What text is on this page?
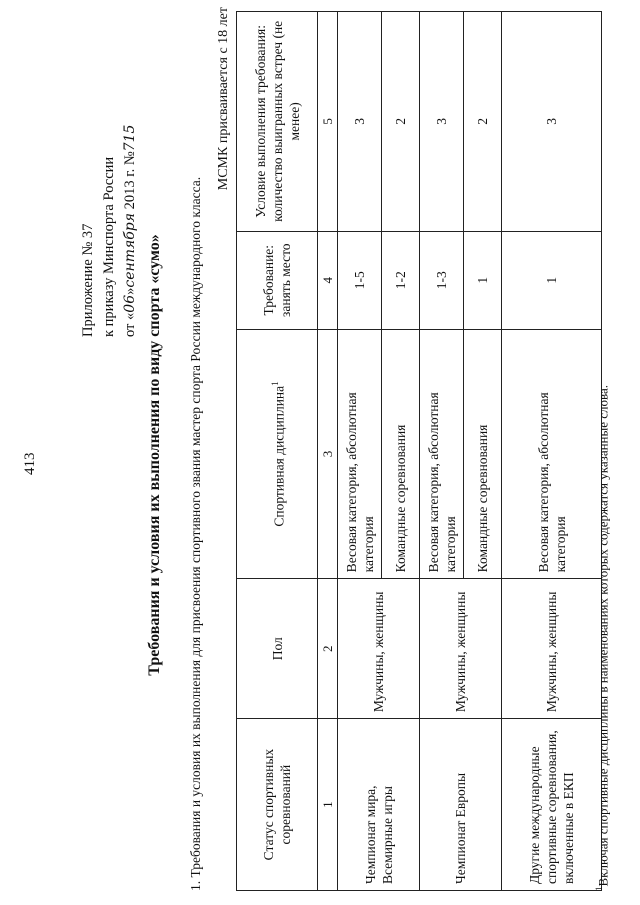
413
Приложение № 37 к приказу Минспорта России от «06»сентября 2013 г. №715
Требования и условия их выполнения по виду спорта «сумо» 1. Требования и условия их выполнения для присвоения спортивного звания мастер спорта России международного класса.
МСМК присваивается с 18 лет
Статус спортивных соревнований	Пол	Спортивная дисциплина$^1$	Требование: занять место	Условие выполнения требования: количество выигранных встреч (не менее)
1	2	3	4	5
Чемпионат мира, Всемирные игры	Мужчины, женщины	Весовая категория, абсолютная категория	1-5	3
		Командные соревнования	1-2	2
Чемпионат Европы	Мужчины, женщины	Весовая категория, абсолютная категория	1-3	3
		Командные соревнования	1	2
Другие международные спортивные соревнования, включенные в ЕКП	Мужчины, женщины	Весовая категория, абсолютная категория	1	3
$^1$Включая спортивные дисциплины в наименованиях которых содержатся указанные слова.
